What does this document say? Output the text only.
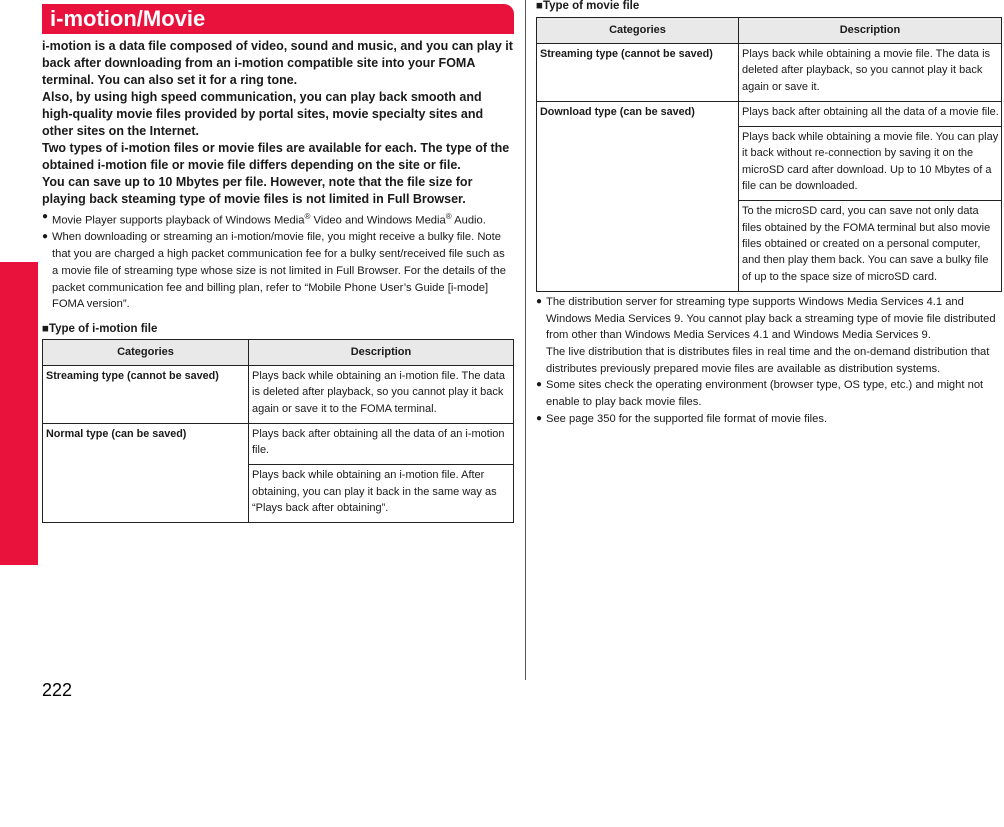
i-motion/Movie/i-Channel/i-concier 222
i-motion/Movie

i-motion is a data file composed of video, sound and music, and you can play it back after downloading from an i-motion compatible site into your FOMA terminal. You can also set it for a ring tone.

Also, by using high speed communication, you can play back smooth and high-quality movie files provided by portal sites, movie specialty sites and other sites on the Internet.

Two types of i-motion files or movie files are available for each. The type of the obtained i-motion file or movie file differs depending on the site or file.

You can save up to 10 Mbytes per file. However, note that the file size for playing back steaming type of movie files is not limited in Full Browser.

● Movie Player supports playback of Windows Media® Video and Windows Media® Audio.
● When downloading or streaming an i-motion/movie file, you might receive a bulky file. Note that you are charged a high packet communication fee for a bulky sent/received file such as a movie file of streaming type whose size is not limited in Full Browser. For the details of the packet communication fee and billing plan, refer to “Mobile Phone User’s Guide [i-mode] FOMA version”.
■Type of i-motion file
Categories	Description
Streaming type (cannot be saved)	Plays back while obtaining an i-motion file. The data is deleted after playback, so you cannot play it back again or save it to the FOMA terminal.
Normal type (can be saved)	Plays back after obtaining all the data of an i-motion file.
	Plays back while obtaining an i-motion file. After obtaining, you can play it back in the same way as “Plays back after obtaining”.
■Type of movie file
Categories	Description
Streaming type (cannot be saved)	Plays back while obtaining a movie file. The data is deleted after playback, so you cannot play it back again or save it.
Download type (can be saved)	Plays back after obtaining all the data of a movie file.
	Plays back while obtaining a movie file. You can play it back without re-connection by saving it on the microSD card after download. Up to 10 Mbytes of a file can be downloaded.
	To the microSD card, you can save not only data files obtained by the FOMA terminal but also movie files obtained or created on a personal computer, and then play them back. You can save a bulky file of up to the space size of microSD card.
● The distribution server for streaming type supports Windows Media Services 4.1 and Windows Media Services 9. You cannot play back a streaming type of movie file distributed from other than Windows Media Services 4.1 and Windows Media Services 9.
The live distribution that is distributes files in real time and the on-demand distribution that distributes previously prepared movie files are available as distribution systems.
● Some sites check the operating environment (browser type, OS type, etc.) and might not enable to play back movie files.
● See page 350 for the supported file format of movie files.
